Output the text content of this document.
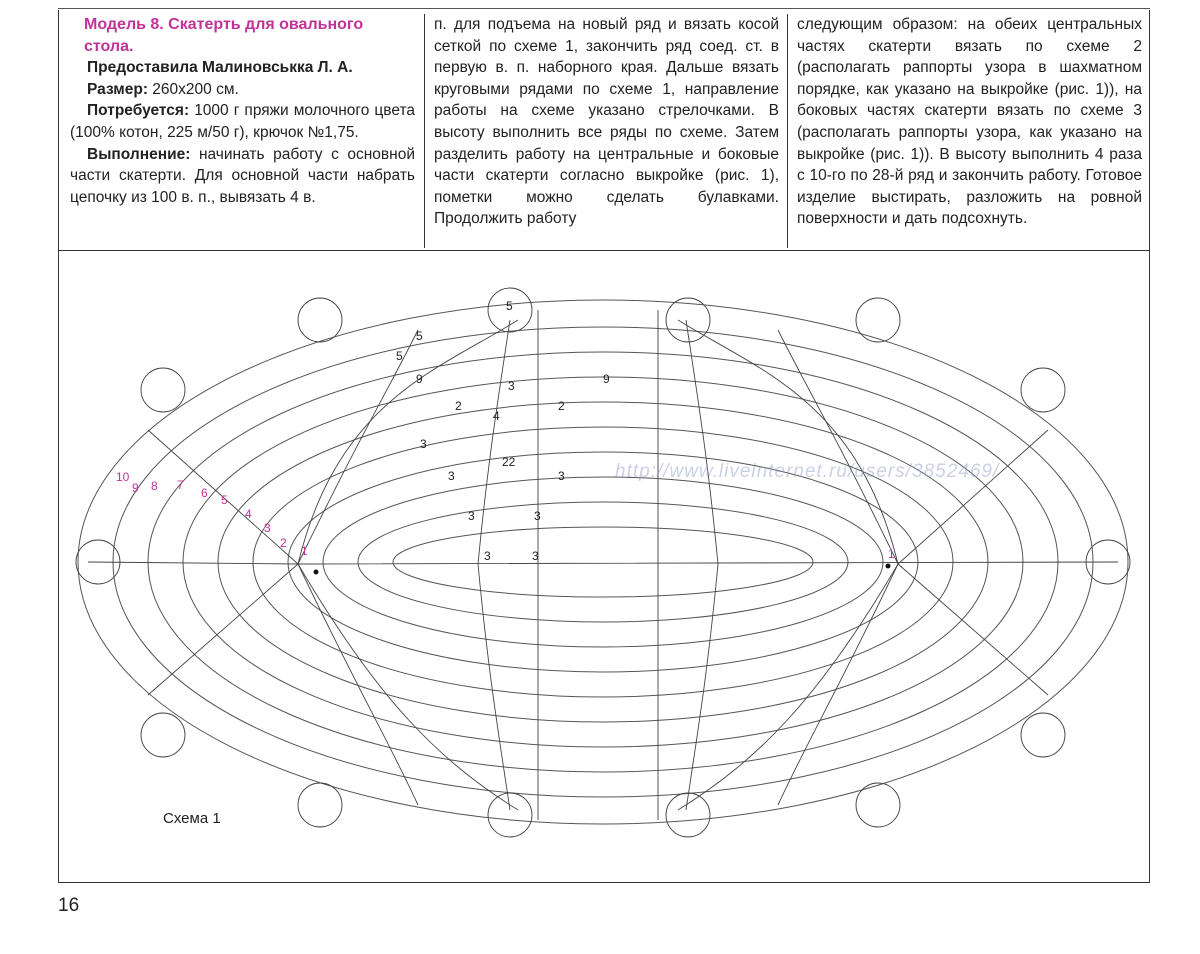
Модель 8. Скатерть для овального
стола.
Предоставила Малиновськка Л. А.
Размер: 260х200 см.
Потребуется: 1000 г пряжи молочного цвета (100% котон, 225 м/50 г), крючок №1,75.
Выполнение: начинать работу с основной части скатерти. Для основной части набрать цепочку из 100 в. п., вывязать 4 в.
п. для подъема на новый ряд и вязать косой сеткой по схеме 1, закончить ряд соед. ст. в первую в. п. наборного края. Дальше вязать круговыми рядами по схеме 1, направление работы на схеме указано стрелочками. В высоту выполнить все ряды по схеме. Затем разделить работу на центральные и боковые части скатерти согласно выкройке (рис. 1), пометки можно сделать булавками. Продолжить работу
следующим образом: на обеих центральных частях скатерти вязать по схеме 2 (располагать раппорты узора в шахматном порядке, как указано на выкройке (рис. 1)), на боковых частях скатерти вязать по схеме 3 (располагать раппорты узора, как указано на выкройке (рис. 1)). В высоту выполнить 4 раза с 10-го по 28-й ряд и закончить работу. Готовое изделие выстирать, разложить на ровной поверхности и дать подсохнуть.
10
9 8 7
6 5
4
3
2
1	1
5
5
5
9	9
2	2
4
3
3
3	3
22
3	3
3	3
http://www.liveinternet.ru/users/3852469/
Схема 1
16
